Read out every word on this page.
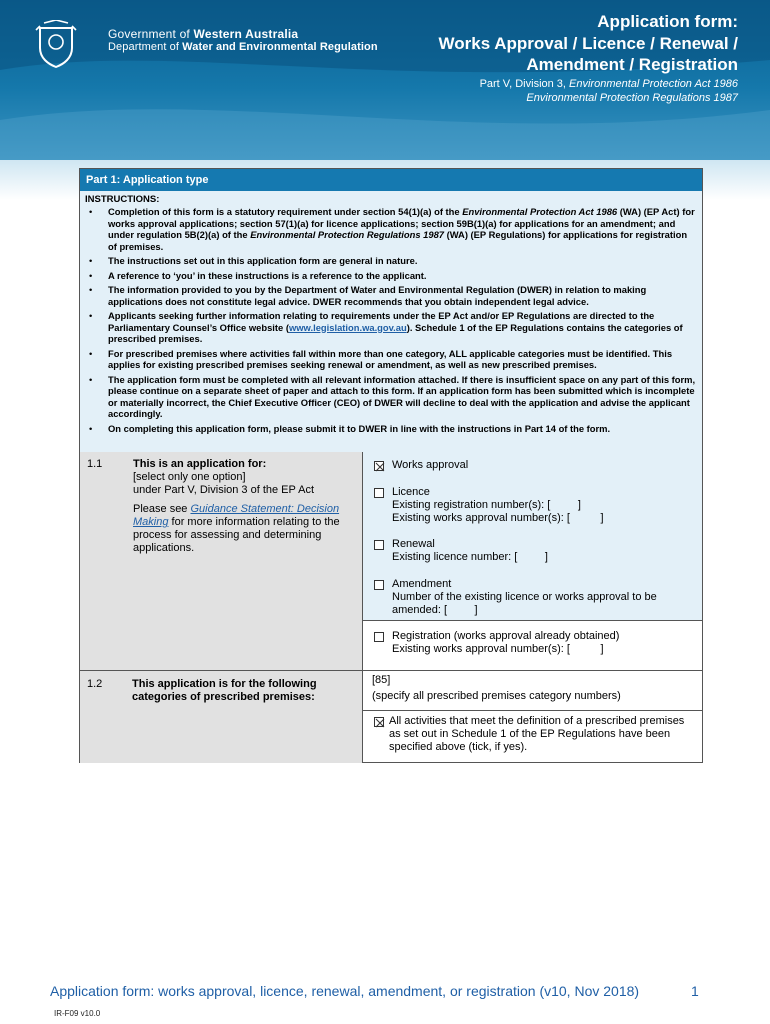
Government of Western Australia
Department of Water and Environmental Regulation
Application form:
Works Approval / Licence / Renewal /
Amendment / Registration
Part V, Division 3, Environmental Protection Act 1986
Environmental Protection Regulations 1987
Part 1: Application type
INSTRUCTIONS:
• Completion of this form is a statutory requirement under section 54(1)(a) of the Environmental Protection Act 1986 (WA) (EP Act) for works approval applications; section 57(1)(a) for licence applications; section 59B(1)(a) for applications for an amendment; and under regulation 5B(2)(a) of the Environmental Protection Regulations 1987 (WA) (EP Regulations) for applications for registration of premises.
• The instructions set out in this application form are general in nature.
• A reference to ‘you’ in these instructions is a reference to the applicant.
• The information provided to you by the Department of Water and Environmental Regulation (DWER) in relation to making applications does not constitute legal advice. DWER recommends that you obtain independent legal advice.
• Applicants seeking further information relating to requirements under the EP Act and/or EP Regulations are directed to the Parliamentary Counsel’s Office website (www.legislation.wa.gov.au). Schedule 1 of the EP Regulations contains the categories of prescribed premises.
• For prescribed premises where activities fall within more than one category, ALL applicable categories must be identified. This applies for existing prescribed premises seeking renewal or amendment, as well as new prescribed premises.
• The application form must be completed with all relevant information attached. If there is insufficient space on any part of this form, please continue on a separate sheet of paper and attach to this form. If an application form has been submitted which is incomplete or materially incorrect, the Chief Executive Officer (CEO) of DWER will decline to deal with the application and advise the applicant accordingly.
• On completing this application form, please submit it to DWER in line with the instructions in Part 14 of the form.
1.1	This is an application for:
[select only one option]
under Part V, Division 3 of the EP Act
Please see Guidance Statement: Decision Making for more information relating to the process for assessing and determining applications.
Works approval
Licence
Existing registration number(s): [         ]
Existing works approval number(s): [          ]
Renewal
Existing licence number: [         ]
Amendment
Number of the existing licence or works approval to be
amended: [         ]
Registration (works approval already obtained)
Existing works approval number(s): [          ]
1.2	This application is for the following categories of prescribed premises:
[85]
(specify all prescribed premises category numbers)
All activities that meet the definition of a prescribed premises as set out in Schedule 1 of the EP Regulations have been specified above (tick, if yes).
Application form: works approval, licence, renewal, amendment, or registration (v10, Nov 2018)	1
IR-F09 v10.0
